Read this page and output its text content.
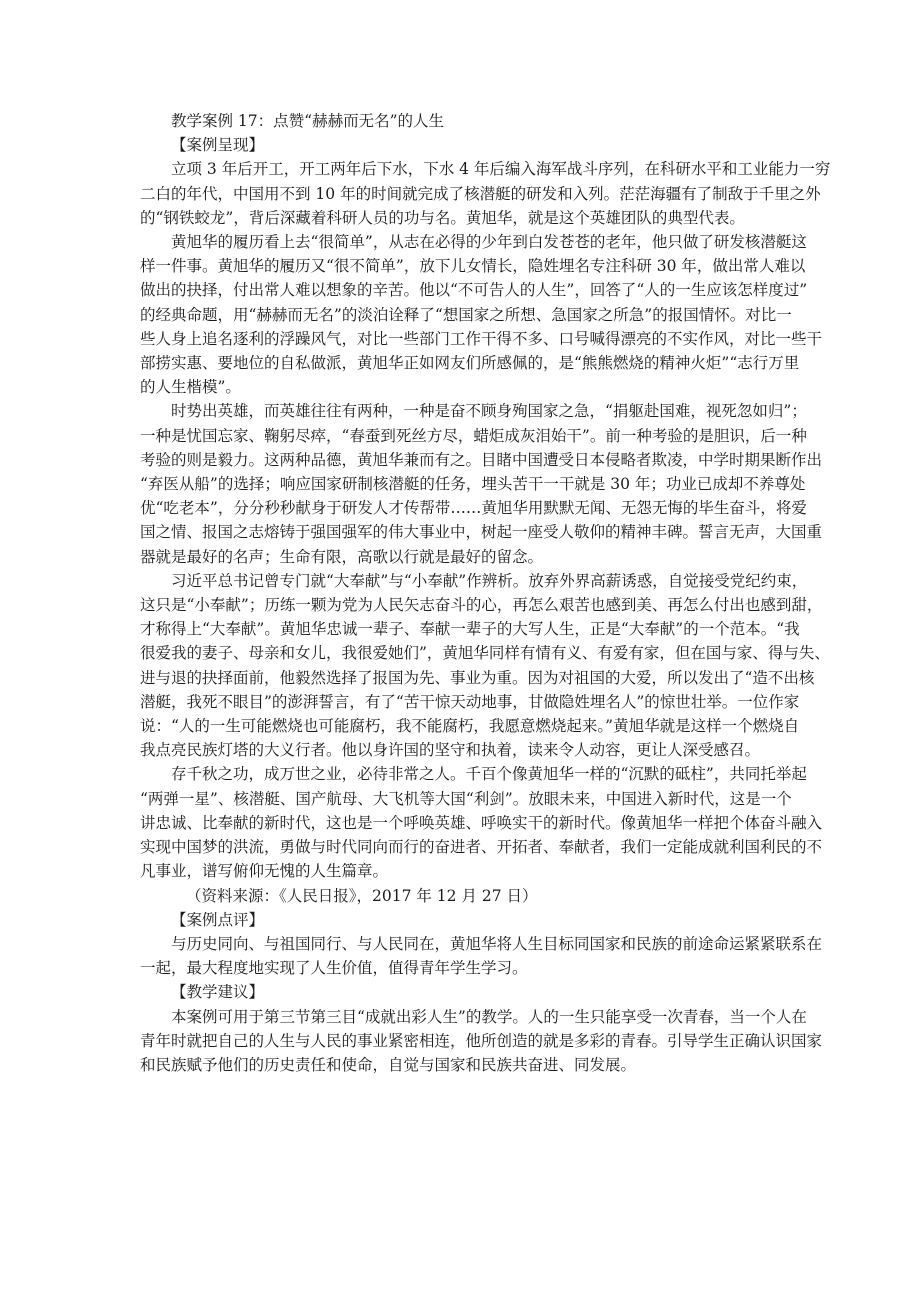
教学案例 17：点赞“赫赫而无名”的人生

【案例呈现】

立项 3 年后开工，开工两年后下水，下水 4 年后编入海军战斗序列，在科研水平和工业能力一穷

二白的年代，中国用不到 10 年的时间就完成了核潜艇的研发和入列。茫茫海疆有了制敌于千里之外

的“钢铁蛟龙”，背后深藏着科研人员的功与名。黄旭华，就是这个英雄团队的典型代表。

黄旭华的履历看上去“很简单”，从志在必得的少年到白发苍苍的老年，他只做了研发核潜艇这

样一件事。黄旭华的履历又“很不简单”，放下儿女情长，隐姓埋名专注科研 30 年，做出常人难以

做出的抉择，付出常人难以想象的辛苦。他以“不可告人的人生”，回答了“人的一生应该怎样度过”

的经典命题，用“赫赫而无名”的淡泊诠释了“想国家之所想、急国家之所急”的报国情怀。对比一

些人身上追名逐利的浮躁风气，对比一些部门工作干得不多、口号喊得漂亮的不实作风，对比一些干

部捞实惠、要地位的自私做派，黄旭华正如网友们所感佩的，是“熊熊燃烧的精神火炬”“志行万里

的人生楷模”。

时势出英雄，而英雄往往有两种，一种是奋不顾身殉国家之急，“捐躯赴国难，视死忽如归”；

一种是忧国忘家、鞠躬尽瘁，“春蚕到死丝方尽，蜡炬成灰泪始干”。前一种考验的是胆识，后一种

考验的则是毅力。这两种品德，黄旭华兼而有之。目睹中国遭受日本侵略者欺凌，中学时期果断作出

“弃医从船”的选择；响应国家研制核潜艇的任务，埋头苦干一干就是 30 年；功业已成却不养尊处

优“吃老本”，分分秒秒献身于研发人才传帮带……黄旭华用默默无闻、无怨无悔的毕生奋斗，将爱

国之情、报国之志熔铸于强国强军的伟大事业中，树起一座受人敬仰的精神丰碑。誓言无声，大国重

器就是最好的名声；生命有限，高歌以行就是最好的留念。

习近平总书记曾专门就“大奉献”与“小奉献”作辨析。放弃外界高薪诱惑，自觉接受党纪约束，

这只是“小奉献”；历练一颗为党为人民矢志奋斗的心，再怎么艰苦也感到美、再怎么付出也感到甜，

才称得上“大奉献”。黄旭华忠诚一辈子、奉献一辈子的大写人生，正是“大奉献”的一个范本。“我

很爱我的妻子、母亲和女儿，我很爱她们”，黄旭华同样有情有义、有爱有家，但在国与家、得与失、

进与退的抉择面前，他毅然选择了报国为先、事业为重。因为对祖国的大爱，所以发出了“造不出核

潜艇，我死不眼目”的澎湃誓言，有了“苦干惊天动地事，甘做隐姓埋名人”的惊世壮举。一位作家

说：“人的一生可能燃烧也可能腐朽，我不能腐朽，我愿意燃烧起来。”黄旭华就是这样一个燃烧自

我点亮民族灯塔的大义行者。他以身许国的坚守和执着，读来令人动容，更让人深受感召。

存千秋之功，成万世之业，必待非常之人。千百个像黄旭华一样的“沉默的砥柱”，共同托举起

“两弹一星”、核潜艇、国产航母、大飞机等大国“利剑”。放眼未来，中国进入新时代，这是一个

讲忠诚、比奉献的新时代，这也是一个呼唤英雄、呼唤实干的新时代。像黄旭华一样把个体奋斗融入

实现中国梦的洪流，勇做与时代同向而行的奋进者、开拓者、奉献者，我们一定能成就利国利民的不

凡事业，谱写俯仰无愧的人生篇章。

（资料来源：《人民日报》，2017 年 12 月 27 日）

【案例点评】

与历史同向、与祖国同行、与人民同在，黄旭华将人生目标同国家和民族的前途命运紧紧联系在

一起，最大程度地实现了人生价值，值得青年学生学习。

【教学建议】

本案例可用于第三节第三目“成就出彩人生”的教学。人的一生只能享受一次青春，当一个人在

青年时就把自己的人生与人民的事业紧密相连，他所创造的就是多彩的青春。引导学生正确认识国家

和民族赋予他们的历史责任和使命，自觉与国家和民族共奋进、同发展。
